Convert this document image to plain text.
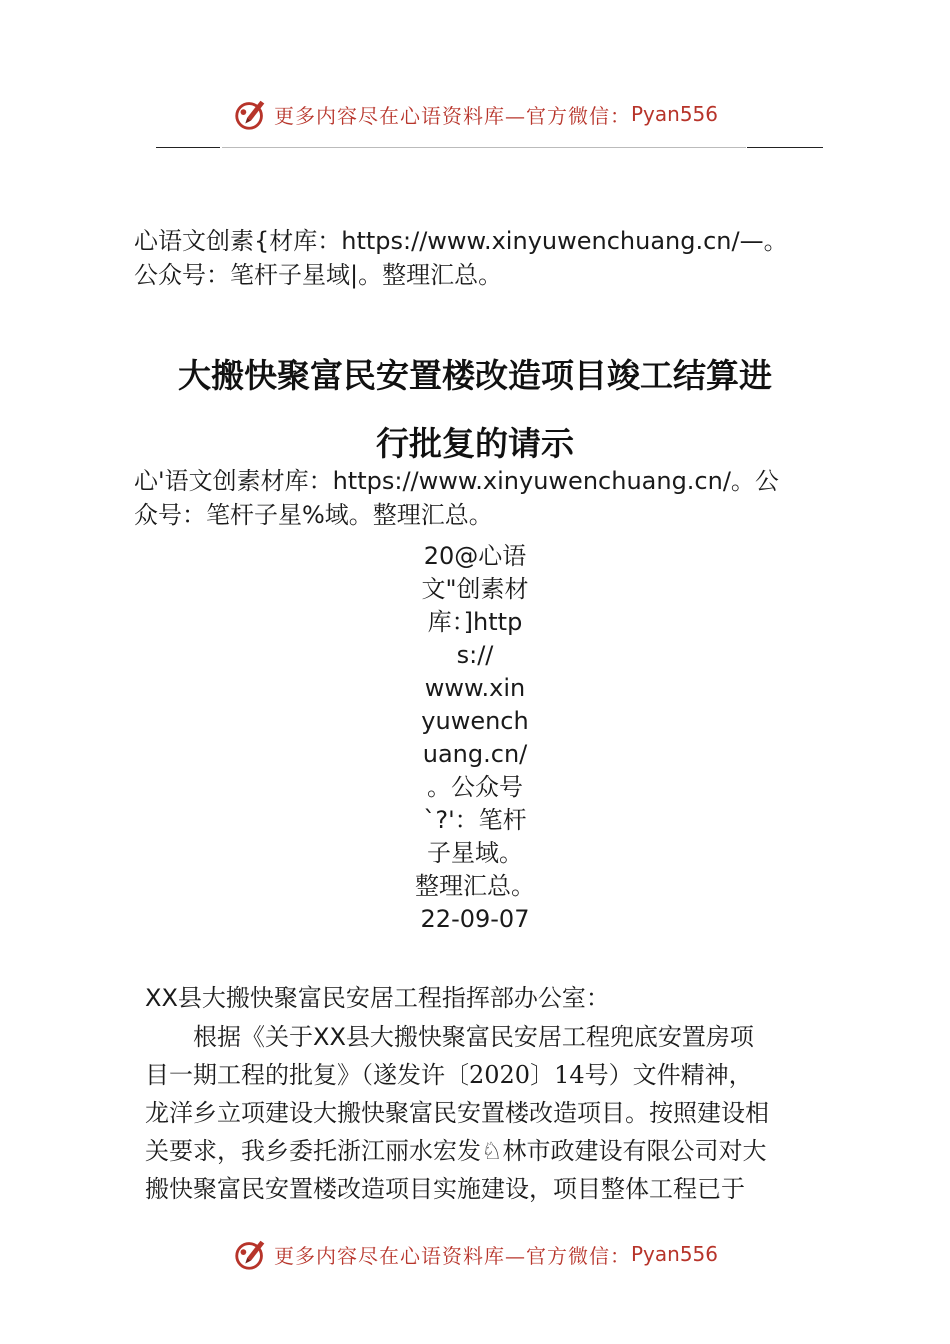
更多内容尽在心语资料库—官方微信： Pyan556
心语文创素{材库：https://www.xinyuwenchuang.cn/—。
公众号：笔杆子星域|。整理汇总。
大搬快聚富民安置楼改造项目竣工结算进
行批复的请示
心'语文创素材库：https://www.xinyuwenchuang.cn/。公
众号：笔杆子星%域。整理汇总。
20@心语
文"创素材
库：]http
s://
www.xin
yuwench
uang.cn/
。公众号
`?'：笔杆
子星域。
整理汇总。
22-09-07
XX县大搬快聚富民安居工程指挥部办公室：
根据《关于XX县大搬快聚富民安居工程兜底安置房项
目一期工程的批复》（遂发许〔2020〕14号）文件精神，
龙洋乡立项建设大搬快聚富民安置楼改造项目。按照建设相
关要求，我乡委托浙江丽水宏发♘林市政建设有限公司对大
搬快聚富民安置楼改造项目实施建设，项目整体工程已于
更多内容尽在心语资料库—官方微信： Pyan556
